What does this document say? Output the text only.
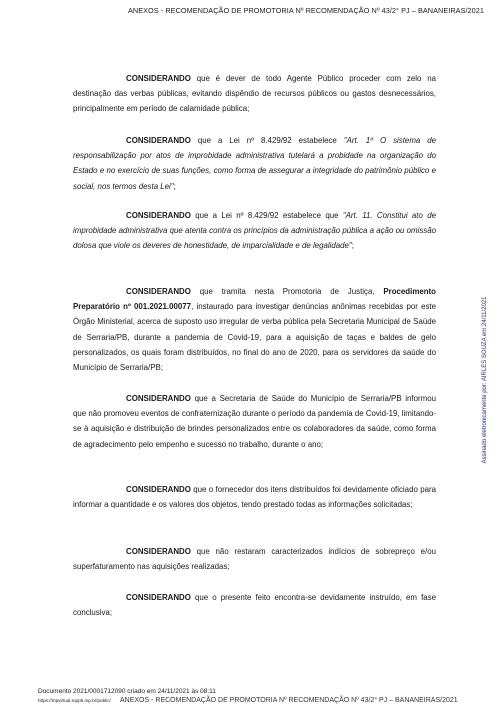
ANEXOS - RECOMENDAÇÃO DE PROMOTORIA Nº RECOMENDAÇÃO Nº 43/2° PJ – BANANEIRAS/2021

CONSIDERANDO que é dever de todo Agente Público proceder com zelo na destinação das verbas públicas, evitando dispêndio de recursos públicos ou gastos desnecessários, principalmente em período de calamidade pública;

CONSIDERANDO que a Lei nº 8.429/92 estabelece "Art. 1º O sistema de responsabilização por atos de improbidade administrativa tutelará a probidade na organização do Estado e no exercício de suas funções, como forma de assegurar a integridade do patrimônio público e social, nos termos desta Lei";

CONSIDERANDO que a Lei nº 8.429/92 estabelece que "Art. 11. Constitui ato de improbidade administrativa que atenta contra os princípios da administração pública a ação ou omissão dolosa que viole os deveres de honestidade, de imparcialidade e de legalidade";

CONSIDERANDO que tramita nesta Promotoria de Justiça, Procedimento Preparatório nº 001.2021.00077, instaurado para investigar denúncias anônimas recebidas por este Órgão Ministerial, acerca de suposto uso irregular de verba pública pela Secretaria Municipal de Saúde de Serraria/PB, durante a pandemia de Covid-19, para a aquisição de taças e baldes de gelo personalizados, os quais foram distribuídos, no final do ano de 2020, para os servidores da saúde do Município de Serraria/PB;

CONSIDERANDO que a Secretaria de Saúde do Município de Serraria/PB informou que não promoveu eventos de confraternização durante o período da pandemia de Covid-19, limitando-se à aquisição e distribuição de brindes personalizados entre os colaboradores da saúde, como forma de agradecimento pelo empenho e sucesso no trabalho, durante o ano;

CONSIDERANDO que o fornecedor dos itens distribuídos foi devidamente oficiado para informar a quantidade e os valores dos objetos, tendo prestado todas as informações solicitadas;

CONSIDERANDO que não restaram caracterizados indícios de sobrepreço e/ou superfaturamento nas aquisições realizadas;

CONSIDERANDO que o presente feito encontra-se devidamente instruído, em fase conclusiva;

Assinado eletronicamente por: AIRLES SOUZA em 24/11/2021
Documento 2021/0001712090 criado em 24/11/2021 às 08:11
https://mpvirtual.mppb.mp.br/public/ ANEXOS - RECOMENDAÇÃO DE PROMOTORIA Nº RECOMENDAÇÃO Nº 43/2° PJ – BANANEIRAS/2021
